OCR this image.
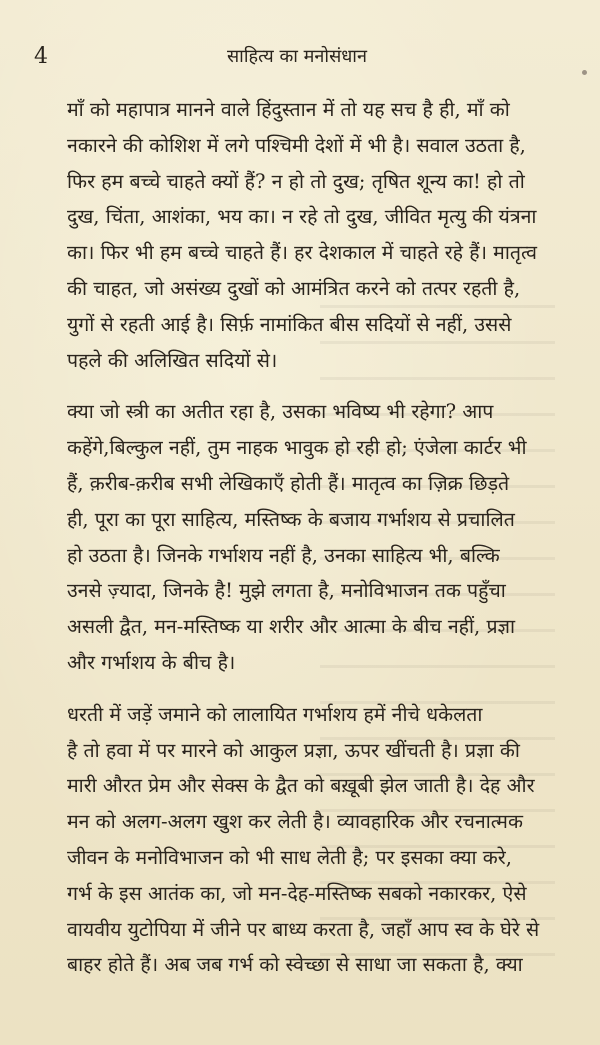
4	साहित्य का मनोसंधान

माँ को महापात्र मानने वाले हिंदुस्तान में तो यह सच है ही, माँ को
नकारने की कोशिश में लगे पश्चिमी देशों में भी है। सवाल उठता है,
फिर हम बच्चे चाहते क्यों हैं? न हो तो दुख; तृषित शून्य का! हो तो
दुख, चिंता, आशंका, भय का। न रहे तो दुख, जीवित मृत्यु की यंत्रना
का। फिर भी हम बच्चे चाहते हैं। हर देशकाल में चाहते रहे हैं। मातृत्व
की चाहत, जो असंख्य दुखों को आमंत्रित करने को तत्पर रहती है,
युगों से रहती आई है। सिर्फ़ नामांकित बीस सदियों से नहीं, उससे
पहले की अलिखित सदियों से।

क्या जो स्त्री का अतीत रहा है, उसका भविष्य भी रहेगा? आप
कहेंगे,बिल्कुल नहीं, तुम नाहक भावुक हो रही हो; एंजेला कार्टर भी
हैं, क़रीब-क़रीब सभी लेखिकाएँ होती हैं। मातृत्व का ज़िक्र छिड़ते
ही, पूरा का पूरा साहित्य, मस्तिष्क के बजाय गर्भाशय से प्रचालित
हो उठता है। जिनके गर्भाशय नहीं है, उनका साहित्य भी, बल्कि
उनसे ज़्यादा, जिनके है! मुझे लगता है, मनोविभाजन तक पहुँचा
असली द्वैत, मन-मस्तिष्क या शरीर और आत्मा के बीच नहीं, प्रज्ञा
और गर्भाशय के बीच है।

धरती में जड़ें जमाने को लालायित गर्भाशय हमें नीचे धकेलता
है तो हवा में पर मारने को आकुल प्रज्ञा, ऊपर खींचती है। प्रज्ञा की
मारी औरत प्रेम और सेक्स के द्वैत को बख़ूबी झेल जाती है। देह और
मन को अलग-अलग खुश कर लेती है। व्यावहारिक और रचनात्मक
जीवन के मनोविभाजन को भी साध लेती है; पर इसका क्या करे,
गर्भ के इस आतंक का, जो मन-देह-मस्तिष्क सबको नकारकर, ऐसे
वायवीय युटोपिया में जीने पर बाध्य करता है, जहाँ आप स्व के घेरे से
बाहर होते हैं। अब जब गर्भ को स्वेच्छा से साधा जा सकता है, क्या
